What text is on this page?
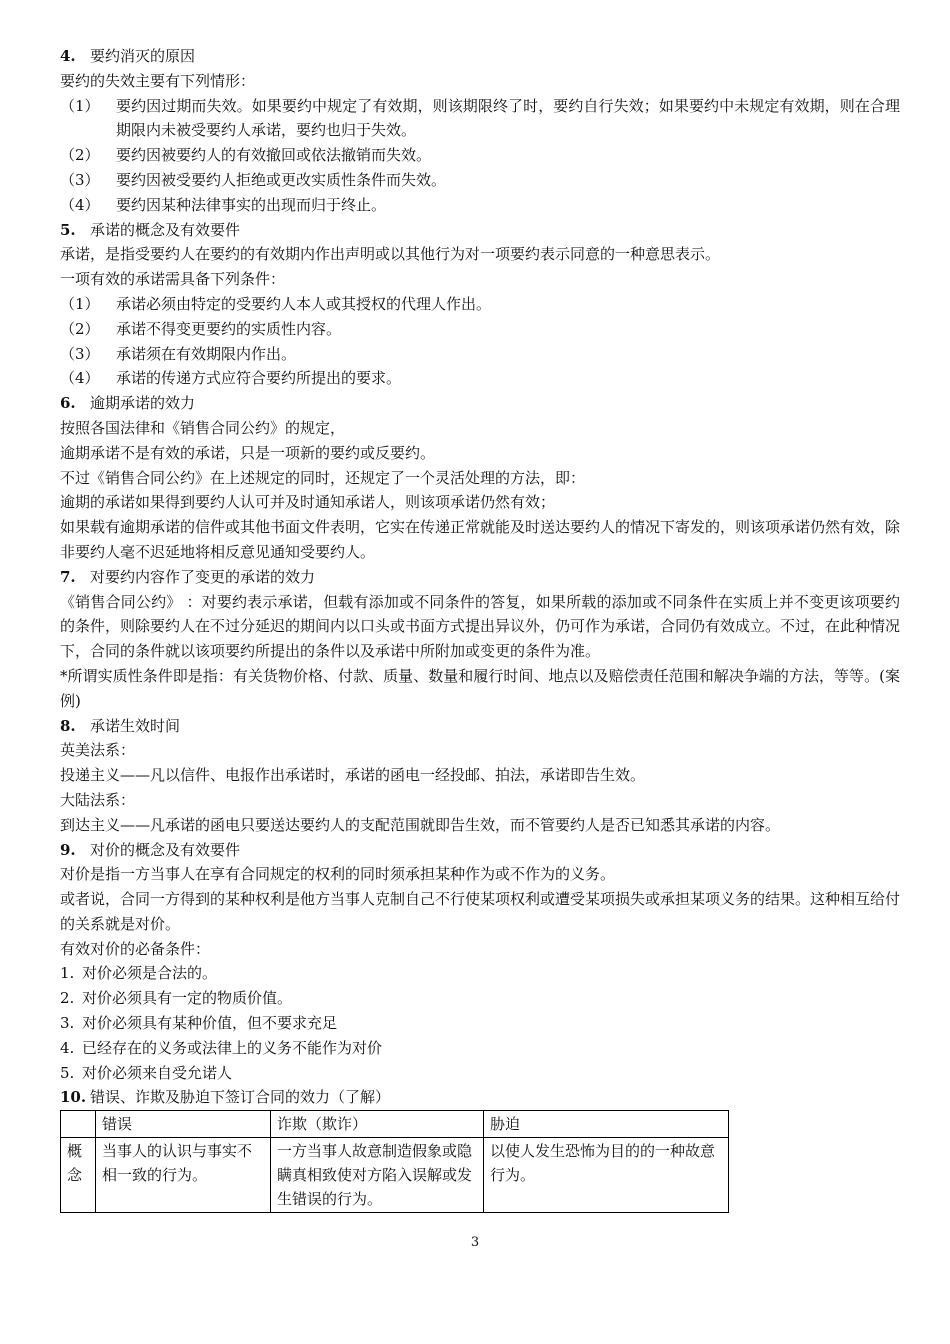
4. 要约消灭的原因
要约的失效主要有下列情形：
（1）	要约因过期而失效。如果要约中规定了有效期，则该期限终了时，要约自行失效；如果要约中未规定有效期，则在合理期限内未被受要约人承诺，要约也归于失效。
（2）	要约因被要约人的有效撤回或依法撤销而失效。
（3）	要约因被受要约人拒绝或更改实质性条件而失效。
（4）	要约因某种法律事实的出现而归于终止。
5. 承诺的概念及有效要件
承诺，是指受要约人在要约的有效期内作出声明或以其他行为对一项要约表示同意的一种意思表示。
一项有效的承诺需具备下列条件：
（1）	承诺必须由特定的受要约人本人或其授权的代理人作出。
（2）	承诺不得变更要约的实质性内容。
（3）	承诺须在有效期限内作出。
（4）	承诺的传递方式应符合要约所提出的要求。
6. 逾期承诺的效力
按照各国法律和《销售合同公约》的规定，
逾期承诺不是有效的承诺，只是一项新的要约或反要约。
不过《销售合同公约》在上述规定的同时，还规定了一个灵活处理的方法，即：
逾期的承诺如果得到要约人认可并及时通知承诺人，则该项承诺仍然有效；
如果载有逾期承诺的信件或其他书面文件表明，它实在传递正常就能及时送达要约人的情况下寄发的，则该项承诺仍然有效，除非要约人毫不迟延地将相反意见通知受要约人。
7. 对要约内容作了变更的承诺的效力
《销售合同公约》 ：对要约表示承诺，但载有添加或不同条件的答复，如果所载的添加或不同条件在实质上并不变更该项要约的条件，则除要约人在不过分延迟的期间内以口头或书面方式提出异议外，仍可作为承诺，合同仍有效成立。不过，在此种情况下，合同的条件就以该项要约所提出的条件以及承诺中所附加或变更的条件为准。
*所谓实质性条件即是指：有关货物价格、付款、质量、数量和履行时间、地点以及赔偿责任范围和解决争端的方法，等等。(案例)
8. 承诺生效时间
英美法系：
投递主义——凡以信件、电报作出承诺时，承诺的函电一经投邮、拍法，承诺即告生效。
大陆法系：
到达主义——凡承诺的函电只要送达要约人的支配范围就即告生效，而不管要约人是否已知悉其承诺的内容。
9. 对价的概念及有效要件
对价是指一方当事人在享有合同规定的权利的同时须承担某种作为或不作为的义务。
或者说，合同一方得到的某种权利是他方当事人克制自己不行使某项权利或遭受某项损失或承担某项义务的结果。这种相互给付的关系就是对价。
有效对价的必备条件：
1. 对价必须是合法的。
2. 对价必须具有一定的物质价值。
3. 对价必须具有某种价值，但不要求充足
4. 已经存在的义务或法律上的义务不能作为对价
5. 对价必须来自受允诺人
10. 错误、诈欺及胁迫下签订合同的效力（了解）
	错误	诈欺（欺诈）	胁迫
概念	当事人的认识与事实不相一致的行为。	一方当事人故意制造假象或隐瞒真相致使对方陷入误解或发生错误的行为。	以使人发生恐怖为目的的一种故意行为。
3
